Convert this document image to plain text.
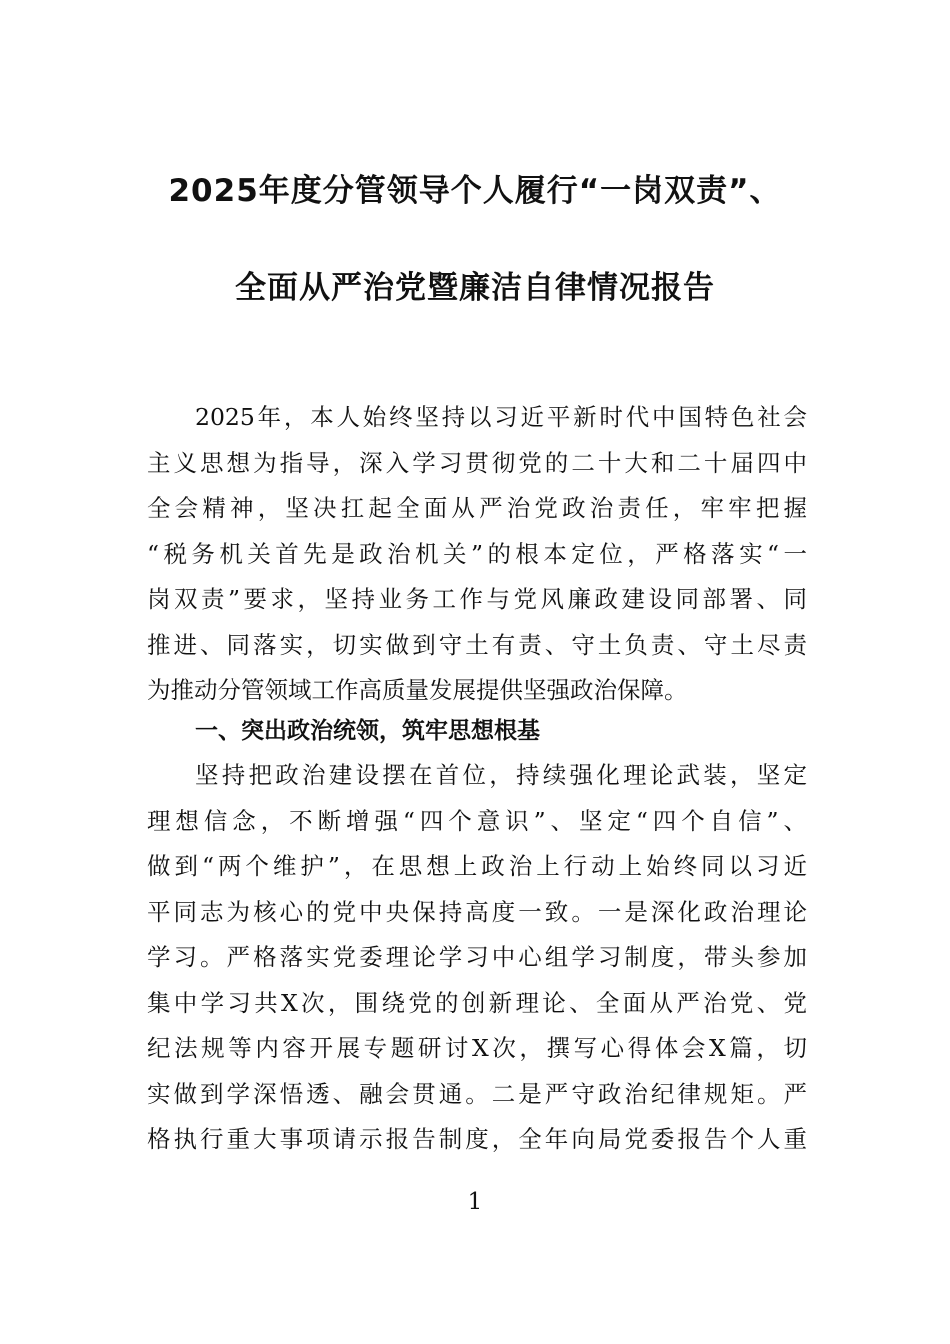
2025年度分管领导个人履行“一岗双责”、
全面从严治党暨廉洁自律情况报告
2025年，本人始终坚持以习近平新时代中国特色社会
主义思想为指导，深入学习贯彻党的二十大和二十届四中
全会精神，坚决扛起全面从严治党政治责任，牢牢把握
“税务机关首先是政治机关”的根本定位，严格落实“一
岗双责”要求，坚持业务工作与党风廉政建设同部署、同
推进、同落实，切实做到守土有责、守土负责、守土尽责
为推动分管领域工作高质量发展提供坚强政治保障。
一、突出政治统领，筑牢思想根基
坚持把政治建设摆在首位，持续强化理论武装，坚定
理想信念，不断增强“四个意识”、坚定“四个自信”、
做到“两个维护”，在思想上政治上行动上始终同以习近
平同志为核心的党中央保持高度一致。一是深化政治理论
学习。严格落实党委理论学习中心组学习制度，带头参加
集中学习共X次，围绕党的创新理论、全面从严治党、党
纪法规等内容开展专题研讨X次，撰写心得体会X篇，切
实做到学深悟透、融会贯通。二是严守政治纪律规矩。严
格执行重大事项请示报告制度，全年向局党委报告个人重
1
